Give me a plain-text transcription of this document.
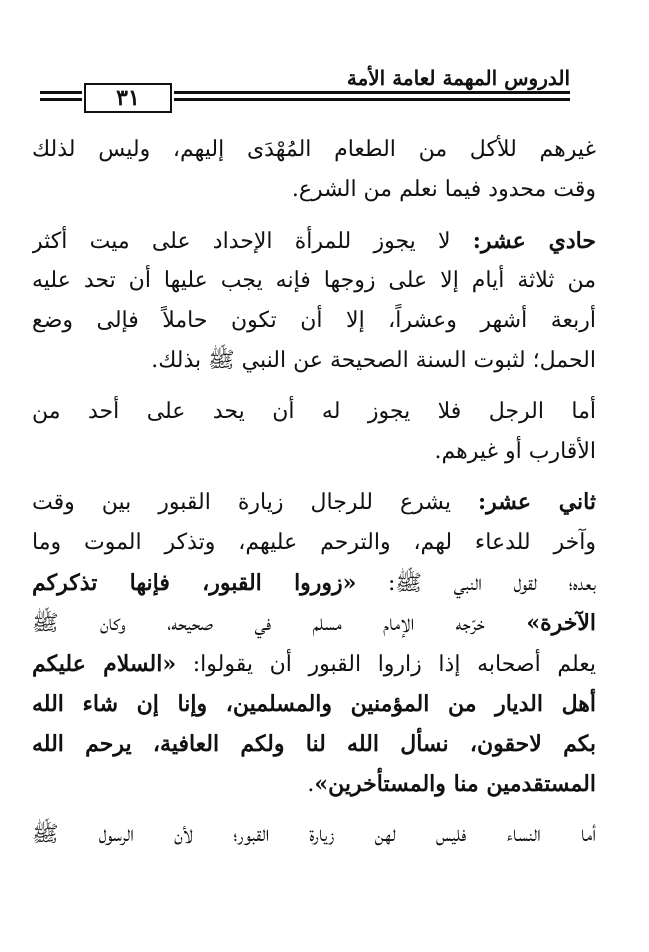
الدروس المهمة لعامة الأمة
٣١
غيرهم للأكل من الطعام المُهْدَى إليهم، وليس لذلك
وقت محدود فيما نعلم من الشرع.
حادي عشر: لا يجوز للمرأة الإحداد على ميت أكثر
من ثلاثة أيام إلا على زوجها فإنه يجب عليها أن تحد عليه
أربعة أشهر وعشراً، إلا أن تكون حاملاً فإلى وضع
الحمل؛ لثبوت السنة الصحيحة عن النبي ﷺ بذلك.
أما الرجل فلا يجوز له أن يحد على أحد من
الأقارب أو غيرهم.
ثاني عشر: يشرع للرجال زيارة القبور بين وقت
وآخر للدعاء لهم، والترحم عليهم، وتذكر الموت وما
بعده؛ لقول النبي ﷺ: «زوروا القبور، فإنها تذكركم
الآخرة» خرّجه الإمام مسلم في صحيحه، وكان ﷺ
يعلم أصحابه إذا زاروا القبور أن يقولوا: «السلام عليكم
أهل الديار من المؤمنين والمسلمين، وإنا إن شاء الله
بكم لاحقون، نسأل الله لنا ولكم العافية، يرحم الله
المستقدمين منا والمستأخرين».
أما النساء فليس لهن زيارة القبور؛ لأن الرسول ﷺ
